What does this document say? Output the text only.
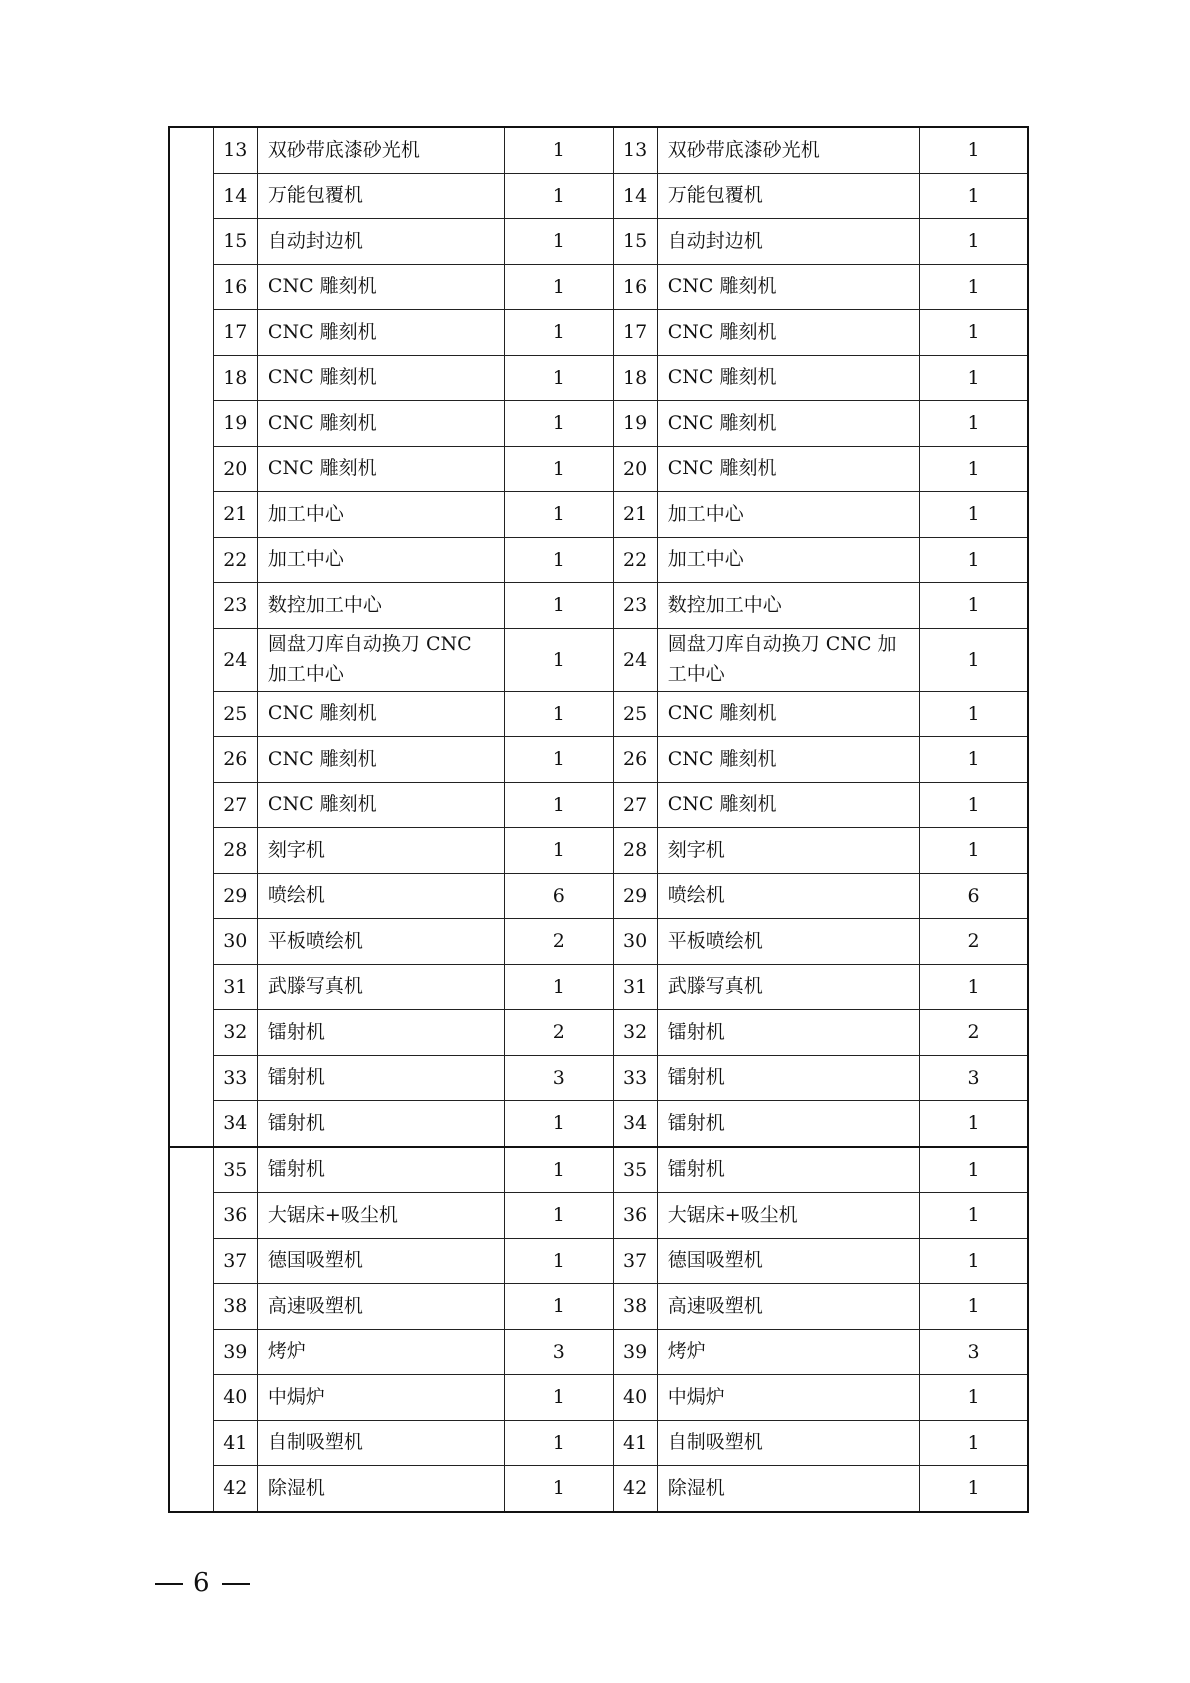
	13	双砂带底漆砂光机	1	13	双砂带底漆砂光机	1
	14	万能包覆机	1	14	万能包覆机	1
	15	自动封边机	1	15	自动封边机	1
	16	CNC 雕刻机	1	16	CNC 雕刻机	1
	17	CNC 雕刻机	1	17	CNC 雕刻机	1
	18	CNC 雕刻机	1	18	CNC 雕刻机	1
	19	CNC 雕刻机	1	19	CNC 雕刻机	1
	20	CNC 雕刻机	1	20	CNC 雕刻机	1
	21	加工中心	1	21	加工中心	1
	22	加工中心	1	22	加工中心	1
	23	数控加工中心	1	23	数控加工中心	1
	24	圆盘刀库自动换刀 CNC 加工中心	1	24	圆盘刀库自动换刀 CNC 加工中心	1
	25	CNC 雕刻机	1	25	CNC 雕刻机	1
	26	CNC 雕刻机	1	26	CNC 雕刻机	1
	27	CNC 雕刻机	1	27	CNC 雕刻机	1
	28	刻字机	1	28	刻字机	1
	29	喷绘机	6	29	喷绘机	6
	30	平板喷绘机	2	30	平板喷绘机	2
	31	武滕写真机	1	31	武滕写真机	1
	32	镭射机	2	32	镭射机	2
	33	镭射机	3	33	镭射机	3
	34	镭射机	1	34	镭射机	1
	35	镭射机	1	35	镭射机	1
	36	大锯床+吸尘机	1	36	大锯床+吸尘机	1
	37	德国吸塑机	1	37	德国吸塑机	1
	38	高速吸塑机	1	38	高速吸塑机	1
	39	烤炉	3	39	烤炉	3
	40	中焗炉	1	40	中焗炉	1
	41	自制吸塑机	1	41	自制吸塑机	1
	42	除湿机	1	42	除湿机	1
6
